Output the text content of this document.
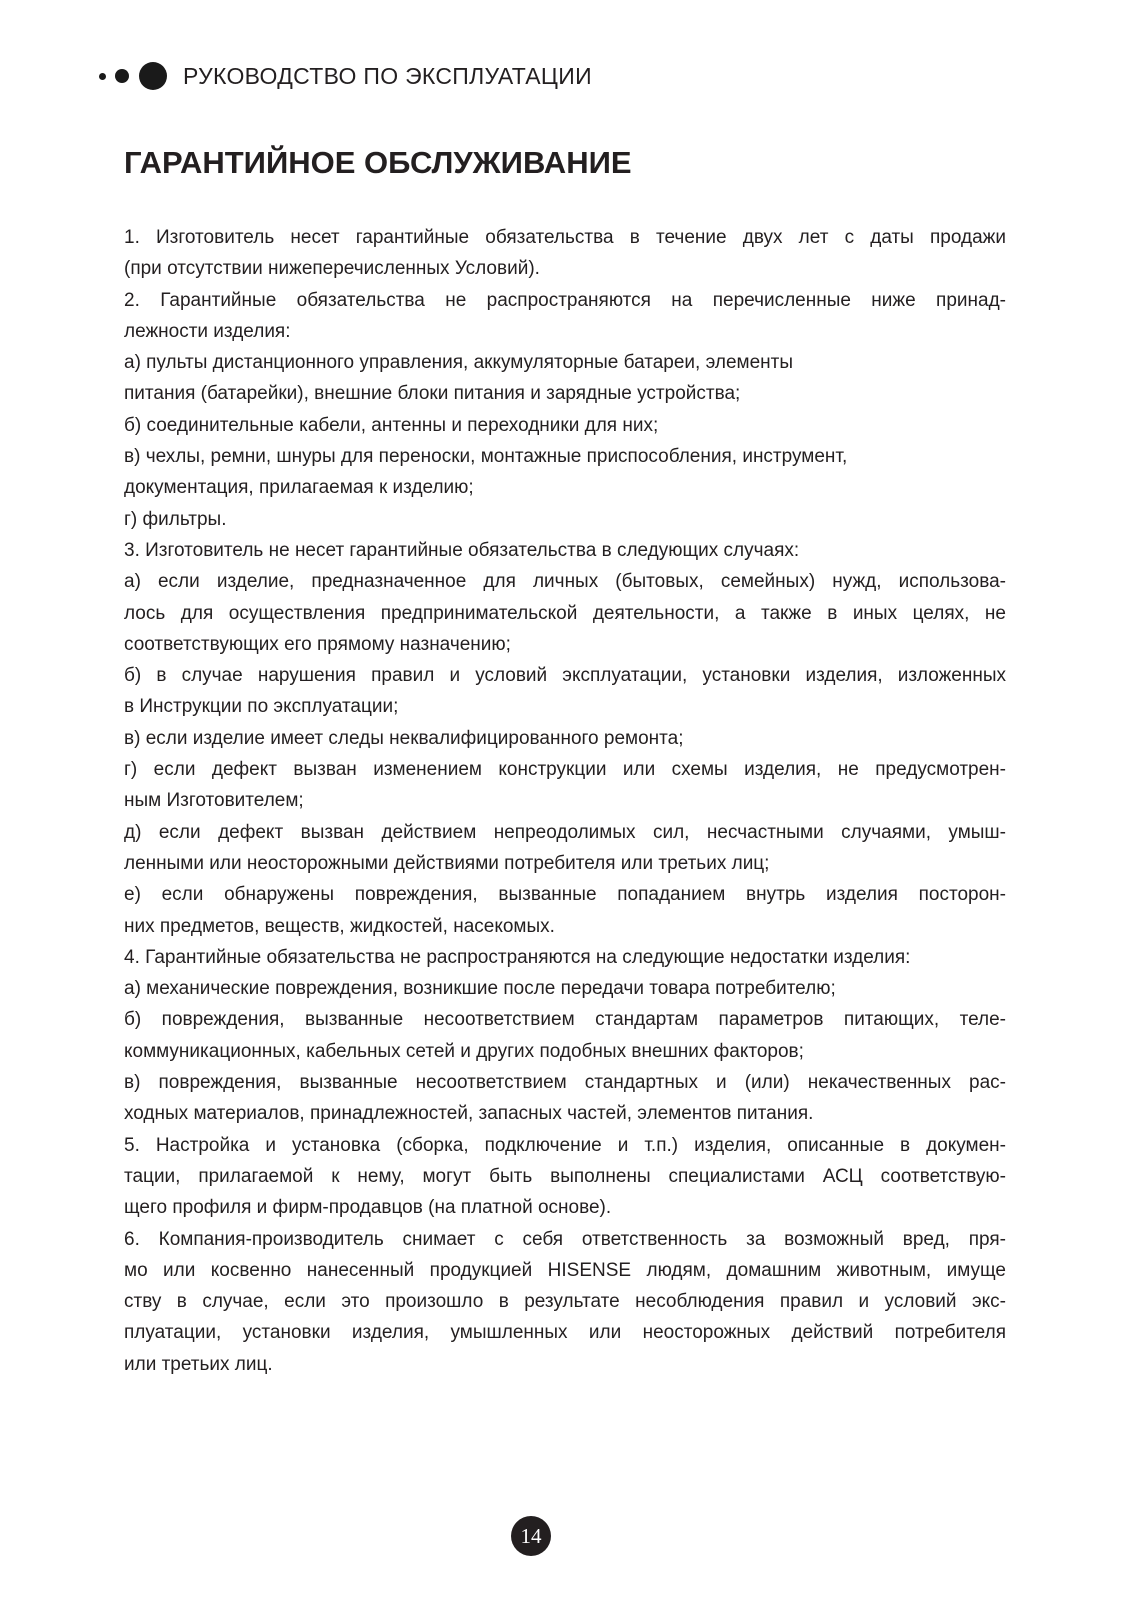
РУКОВОДСТВО ПО ЭКСПЛУАТАЦИИ
ГАРАНТИЙНОЕ ОБСЛУЖИВАНИЕ
1. Изготовитель несет гарантийные обязательства в течение двух лет с даты продажи
(при отсутствии нижеперечисленных Условий).
2. Гарантийные обязательства не распространяются на перечисленные ниже принад-
лежности изделия:
а) пульты дистанционного управления, аккумуляторные батареи, элементы
питания (батарейки), внешние блоки питания и зарядные устройства;
б) соединительные кабели, антенны и переходники для них;
в) чехлы, ремни, шнуры для переноски, монтажные приспособления, инструмент,
документация, прилагаемая к изделию;
г) фильтры.
3. Изготовитель не несет гарантийные обязательства в следующих случаях:
а) если изделие, предназначенное для личных (бытовых, семейных) нужд, использова-
лось для осуществления предпринимательской деятельности, а также в иных целях, не
соответствующих его прямому назначению;
б) в случае нарушения правил и условий эксплуатации, установки изделия, изложенных
в Инструкции по эксплуатации;
в) если изделие имеет следы неквалифицированного ремонта;
г) если дефект вызван изменением конструкции или схемы изделия, не предусмотрен-
ным Изготовителем;
д) если дефект вызван действием непреодолимых сил, несчастными случаями, умыш-
ленными или неосторожными действиями потребителя или третьих лиц;
е) если обнаружены повреждения, вызванные попаданием внутрь изделия посторон-
них предметов, веществ, жидкостей, насекомых.
4. Гарантийные обязательства не распространяются на следующие недостатки изделия:
а) механические повреждения, возникшие после передачи товара потребителю;
б) повреждения, вызванные несоответствием стандартам параметров питающих, теле-
коммуникационных, кабельных сетей и других подобных внешних факторов;
в) повреждения, вызванные несоответствием стандартных и (или) некачественных рас-
ходных материалов, принадлежностей, запасных частей, элементов питания.
5. Настройка и установка (сборка, подключение и т.п.) изделия, описанные в докумен-
тации, прилагаемой к нему, могут быть выполнены специалистами АСЦ соответствую-
щего профиля и фирм-продавцов (на платной основе).
6. Компания-производитель снимает с себя ответственность за возможный вред, пря-
мо или косвенно нанесенный продукцией HISENSE людям, домашним животным, имуще
ству в случае, если это произошло в результате несоблюдения правил и условий экс-
плуатации, установки изделия, умышленных или неосторожных действий потребителя
или третьих лиц.
14
